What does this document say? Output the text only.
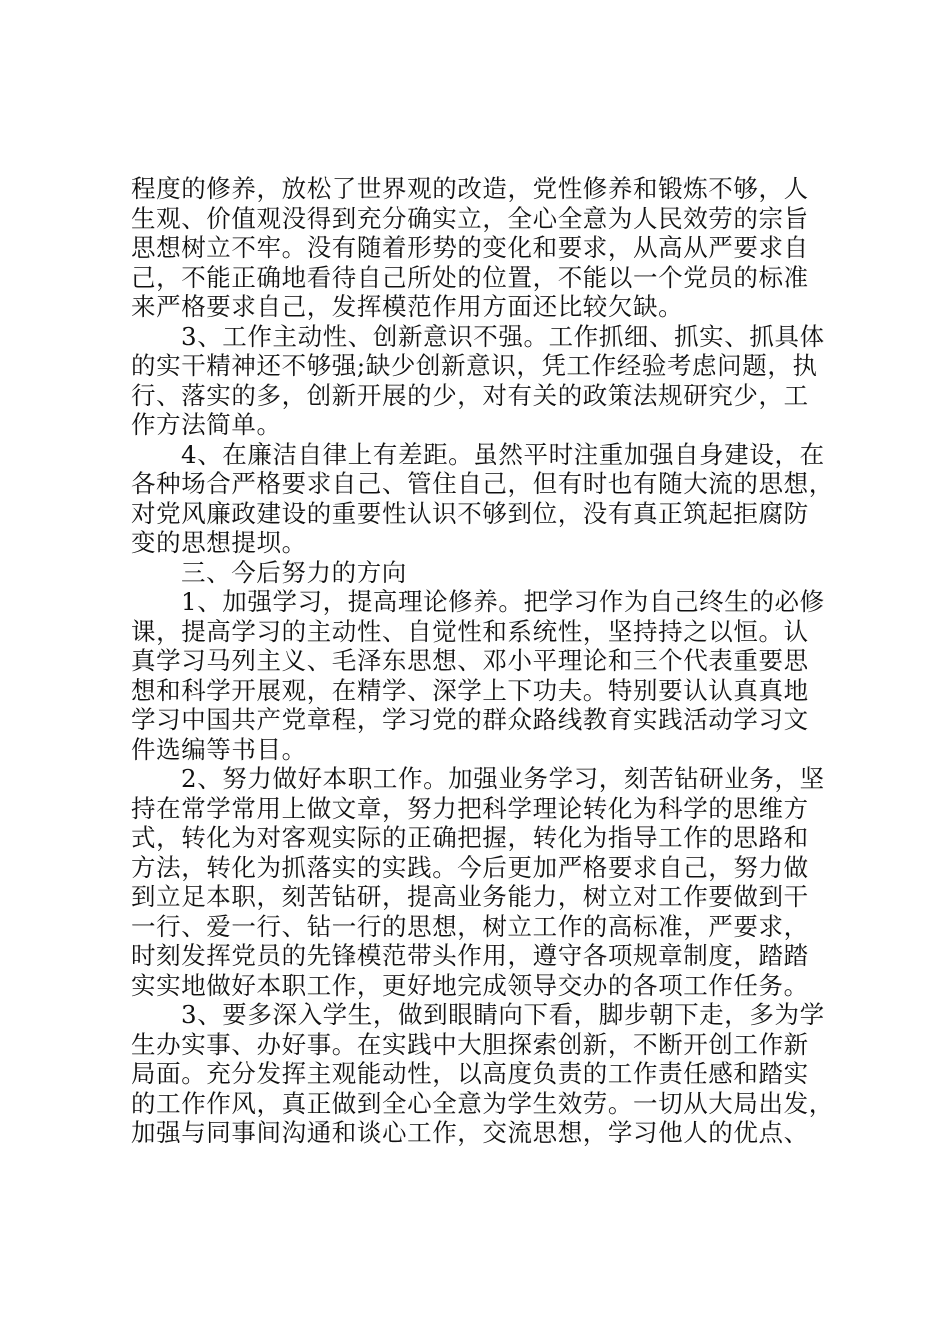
程度的修养，放松了世界观的改造，党性修养和锻炼不够，人
生观、价值观没得到充分确实立，全心全意为人民效劳的宗旨
思想树立不牢。没有随着形势的变化和要求，从高从严要求自
己，不能正确地看待自己所处的位置，不能以一个党员的标准
来严格要求自己，发挥模范作用方面还比较欠缺。
3、工作主动性、创新意识不强。工作抓细、抓实、抓具体
的实干精神还不够强;缺少创新意识，凭工作经验考虑问题，执
行、落实的多，创新开展的少，对有关的政策法规研究少，工
作方法简单。
4、在廉洁自律上有差距。虽然平时注重加强自身建设，在
各种场合严格要求自己、管住自己，但有时也有随大流的思想，
对党风廉政建设的重要性认识不够到位，没有真正筑起拒腐防
变的思想提坝。
三、今后努力的方向
1、加强学习，提高理论修养。把学习作为自己终生的必修
课，提高学习的主动性、自觉性和系统性，坚持持之以恒。认
真学习马列主义、毛泽东思想、邓小平理论和三个代表重要思
想和科学开展观，在精学、深学上下功夫。特别要认认真真地
学习中国共产党章程，学习党的群众路线教育实践活动学习文
件选编等书目。
2、努力做好本职工作。加强业务学习，刻苦钻研业务，坚
持在常学常用上做文章，努力把科学理论转化为科学的思维方
式，转化为对客观实际的正确把握，转化为指导工作的思路和
方法，转化为抓落实的实践。今后更加严格要求自己，努力做
到立足本职，刻苦钻研，提高业务能力，树立对工作要做到干
一行、爱一行、钻一行的思想，树立工作的高标准，严要求，
时刻发挥党员的先锋模范带头作用，遵守各项规章制度，踏踏
实实地做好本职工作，更好地完成领导交办的各项工作任务。
3、要多深入学生，做到眼睛向下看，脚步朝下走，多为学
生办实事、办好事。在实践中大胆探索创新，不断开创工作新
局面。充分发挥主观能动性，以高度负责的工作责任感和踏实
的工作作风，真正做到全心全意为学生效劳。一切从大局出发，
加强与同事间沟通和谈心工作，交流思想，学习他人的优点、
